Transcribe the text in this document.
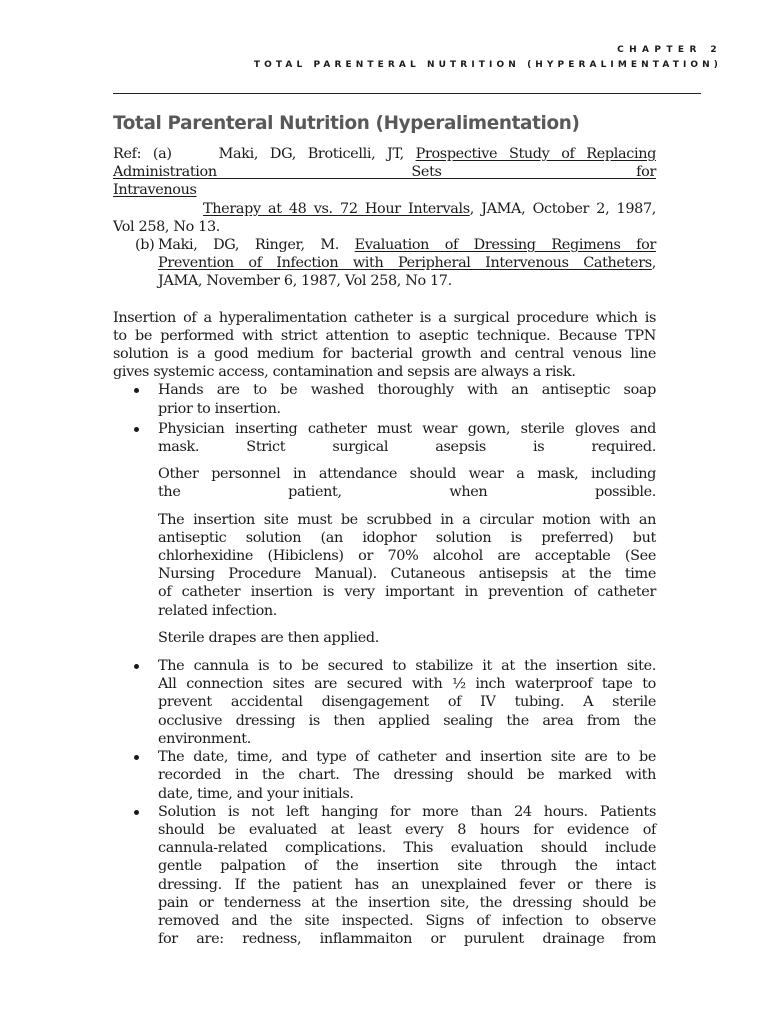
CHAPTER 2
TOTAL PARENTERAL NUTRITION (HYPERALIMENTATION)
Total Parenteral Nutrition (Hyperalimentation)
Ref: (a)	Maki, DG, Broticelli, JT, Prospective Study of Replacing
Administration Sets for Intravenous
Therapy at 48 vs. 72 Hour Intervals, JAMA, October 2, 1987,
Vol 258, No 13.
(b) Maki, DG, Ringer, M. Evaluation of Dressing Regimens for
Prevention of Infection with Peripheral Intervenous Catheters,
JAMA, November 6, 1987, Vol 258, No 17.
Insertion of a hyperalimentation catheter is a surgical procedure which is
to be performed with strict attention to aseptic technique. Because TPN
solution is a good medium for bacterial growth and central venous line
gives systemic access, contamination and sepsis are always a risk.
Hands are to be washed thoroughly with an antiseptic soap
prior to insertion.
Physician inserting catheter must wear gown, sterile gloves and
mask. Strict surgical asepsis is required.
Other personnel in attendance should wear a mask, including
the patient, when possible.
The insertion site must be scrubbed in a circular motion with an
antiseptic solution (an idophor solution is preferred) but
chlorhexidine (Hibiclens) or 70% alcohol are acceptable (See
Nursing Procedure Manual). Cutaneous antisepsis at the time
of catheter insertion is very important in prevention of catheter
related infection.
Sterile drapes are then applied.
The cannula is to be secured to stabilize it at the insertion site.
All connection sites are secured with ½ inch waterproof tape to
prevent accidental disengagement of IV tubing. A sterile
occlusive dressing is then applied sealing the area from the
environment.
The date, time, and type of catheter and insertion site are to be
recorded in the chart. The dressing should be marked with
date, time, and your initials.
Solution is not left hanging for more than 24 hours. Patients
should be evaluated at least every 8 hours for evidence of
cannula-related complications. This evaluation should include
gentle palpation of the insertion site through the intact
dressing. If the patient has an unexplained fever or there is
pain or tenderness at the insertion site, the dressing should be
removed and the site inspected. Signs of infection to observe
for are: redness, inflammaiton or purulent drainage from
